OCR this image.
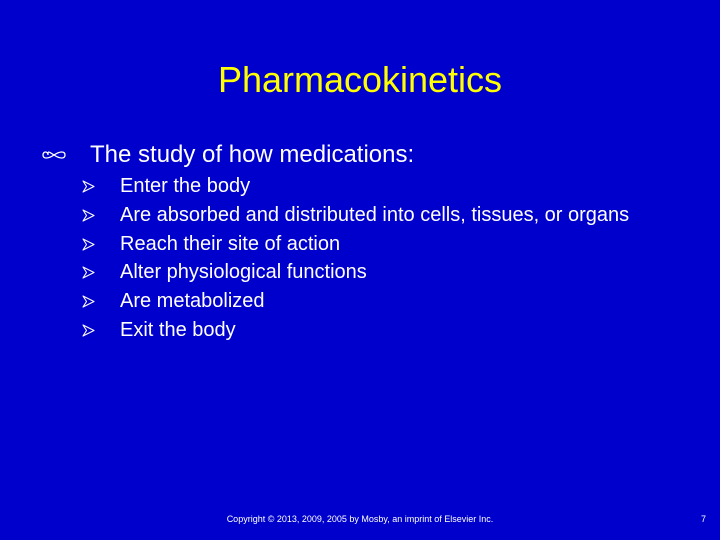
Pharmacokinetics
The study of how medications:
Enter the body
Are absorbed and distributed into cells, tissues, or organs
Reach their site of action
Alter physiological functions
Are metabolized
Exit the body
Copyright © 2013, 2009, 2005 by Mosby, an imprint of Elsevier Inc.	7
